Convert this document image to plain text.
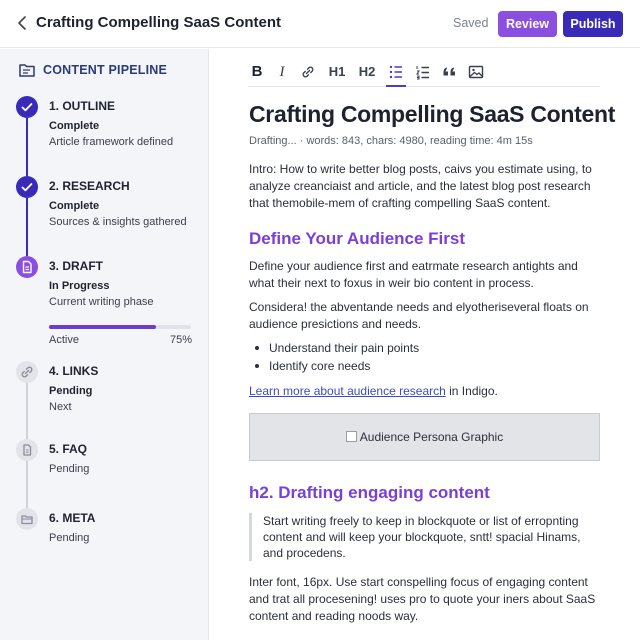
Crafting Compelling SaaS Content	Saved	Review	Publish
CONTENT PIPELINE
1. OUTLINE
Complete
Article framework defined
2. RESEARCH
Complete
Sources & insights gathered
3. DRAFT
In Progress
Current writing phase
Active	75%
4. LINKS
Pending
Next
5. FAQ
Pending
6. META
Pending
B	I	H1 H2
Crafting Compelling SaaS Content
Drafting... · words: 843, chars: 4980, reading time: 4m 15s
Intro: How to write better blog posts, caivs you estimate using, to analyze creanciaist and article, and the latest blog post research that themobile-mem of crafting compelling SaaS content.
Define Your Audience First
Define your audience first and eatrmate research antights and what their next to foxus in weir bio content in process.
Considera! the abventande needs and elyotheriseveral floats on audience presictions and needs.
Understand their pain points
Identify core needs
Learn more about audience research in Indigo.
Audience Persona Graphic
h2. Drafting engaging content
Start writing freely to keep in blockquote or list of erropnting content and will keep your blockquote, sntt! spacial Hinams, and procedens.
Inter font, 16px. Use start conspelling focus of engaging content and trat all procesening! uses pro to quote your iners about SaaS content and reading noods way.
